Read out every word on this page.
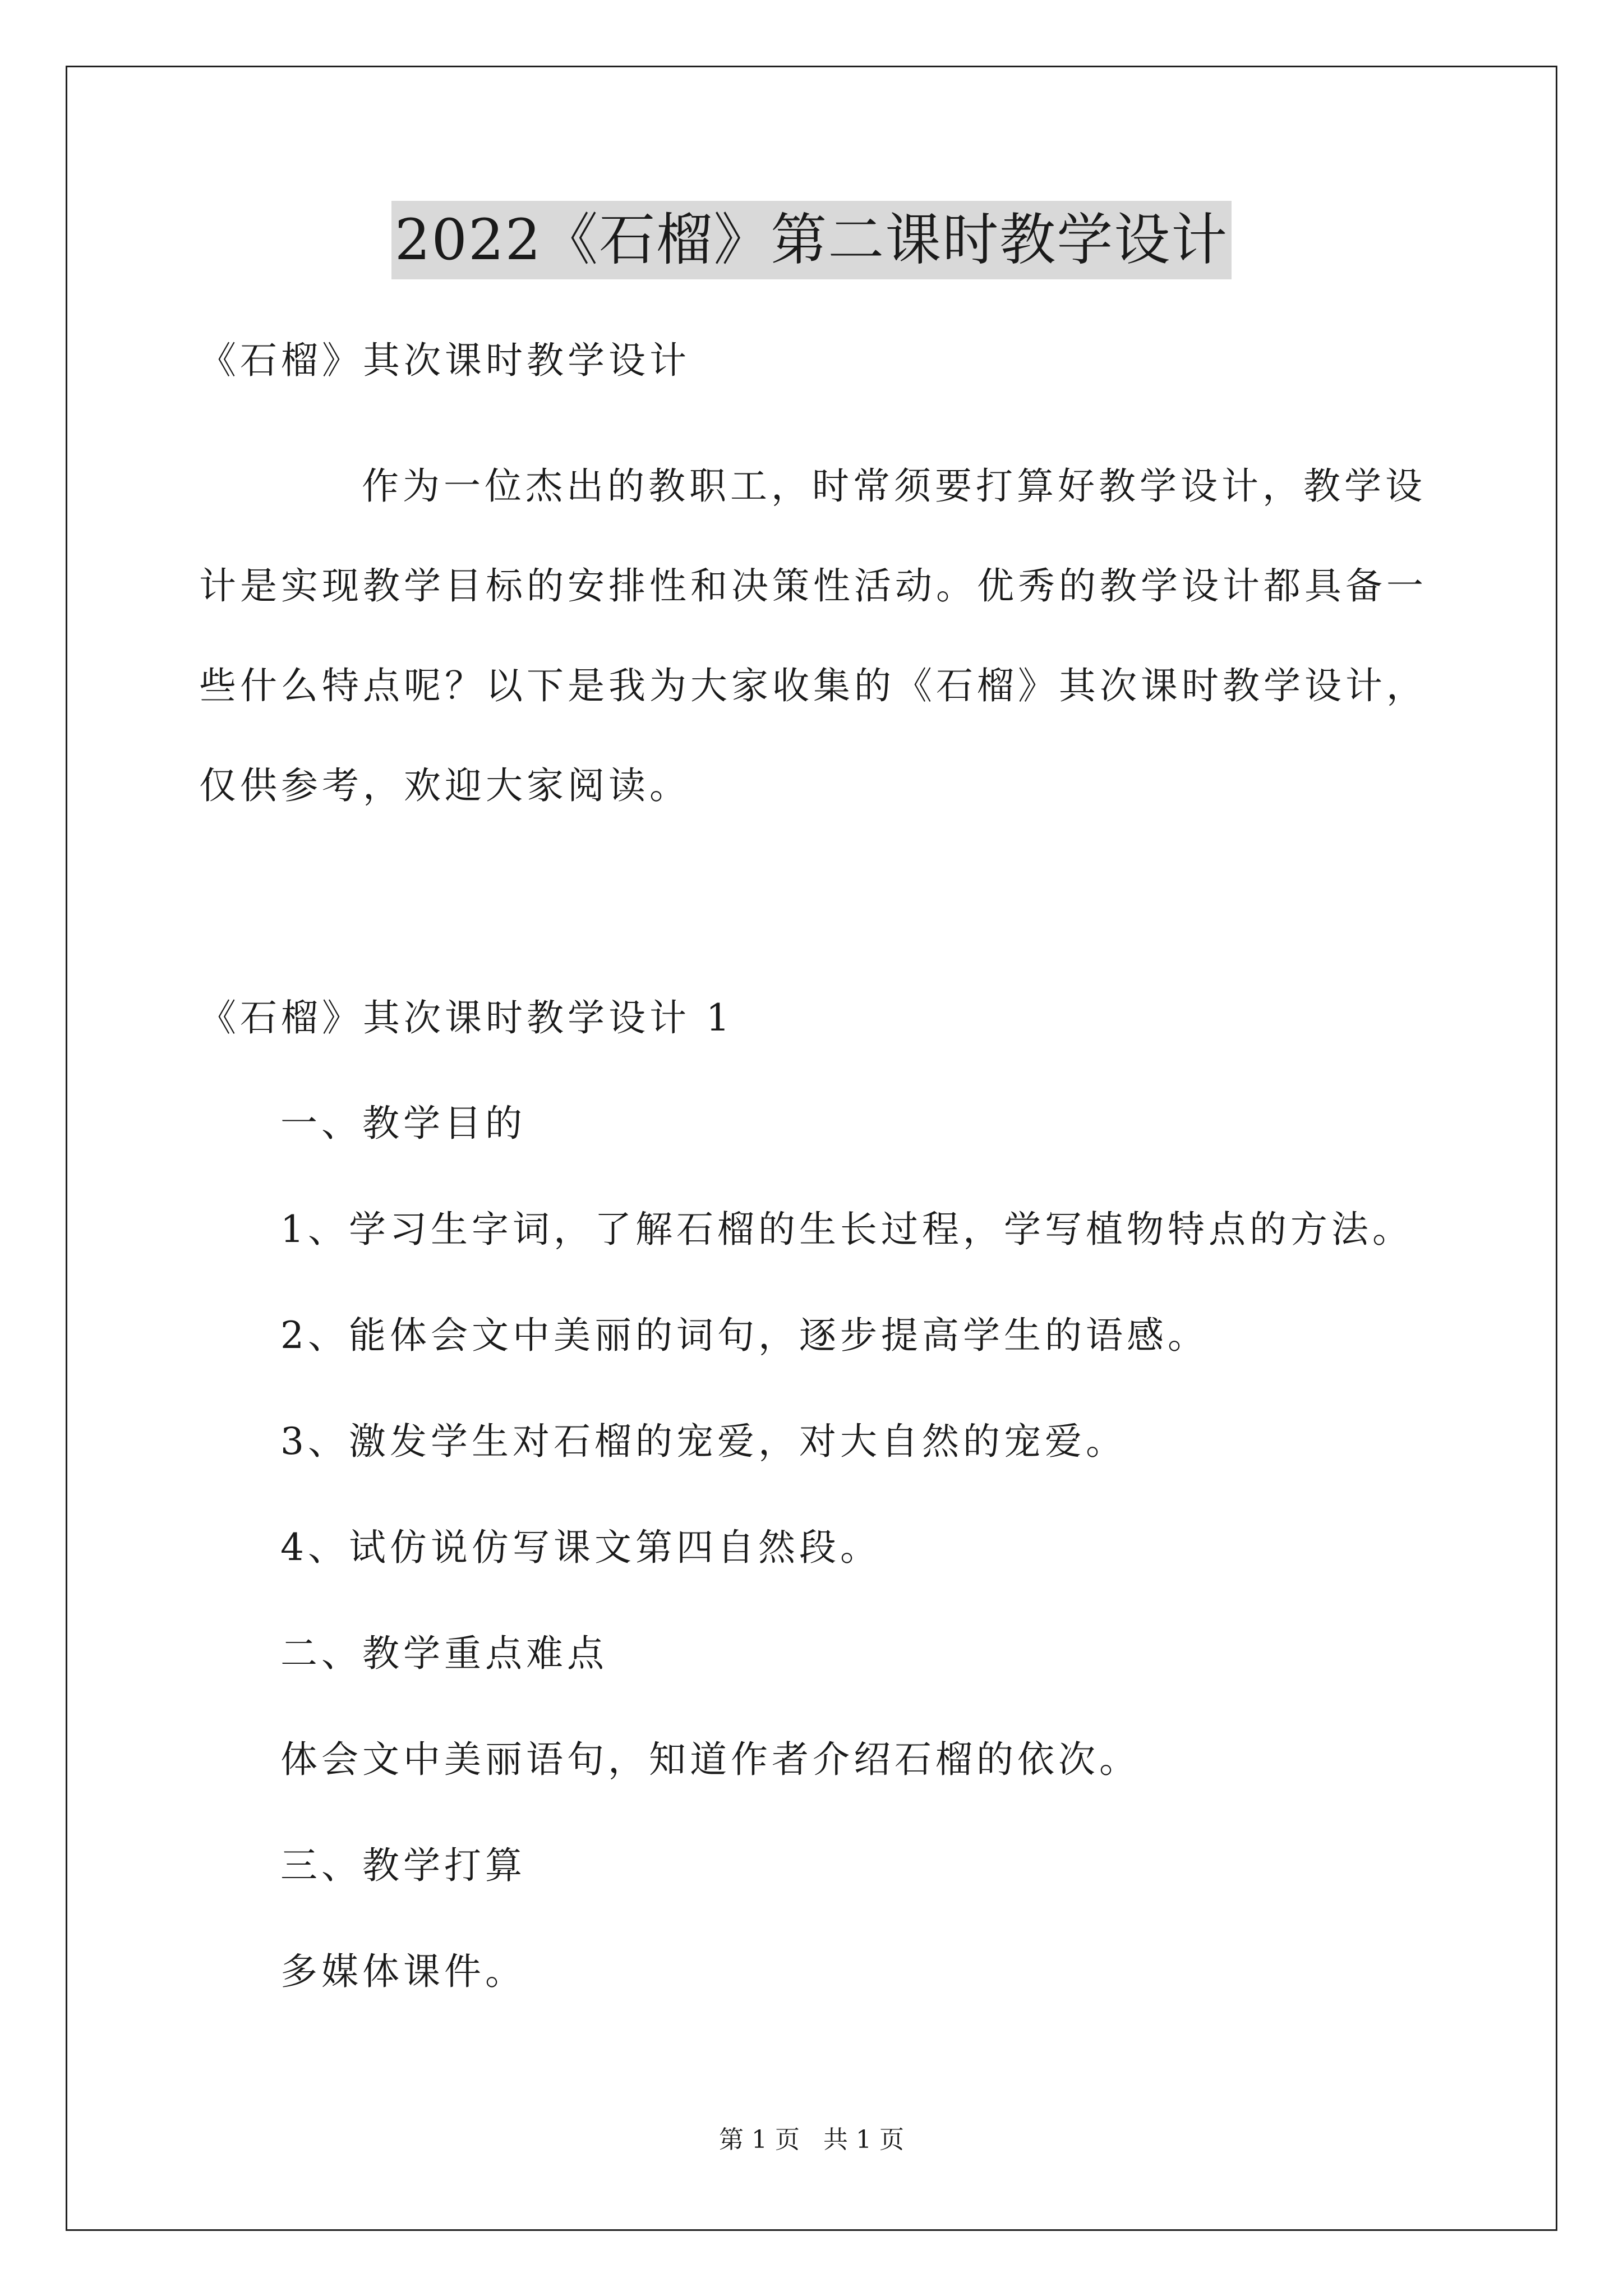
2022《石榴》第二课时教学设计
《石榴》其次课时教学设计
作为一位杰出的教职工，时常须要打算好教学设计，教学设
计是实现教学目标的安排性和决策性活动。优秀的教学设计都具备一
些什么特点呢？以下是我为大家收集的《石榴》其次课时教学设计，
仅供参考，欢迎大家阅读。
《石榴》其次课时教学设计 1
一、教学目的
1、学习生字词，了解石榴的生长过程，学写植物特点的方法。
2、能体会文中美丽的词句，逐步提高学生的语感。
3、激发学生对石榴的宠爱，对大自然的宠爱。
4、试仿说仿写课文第四自然段。
二、教学重点难点
体会文中美丽语句，知道作者介绍石榴的依次。
三、教学打算
多媒体课件。
第 1 页   共 1 页
